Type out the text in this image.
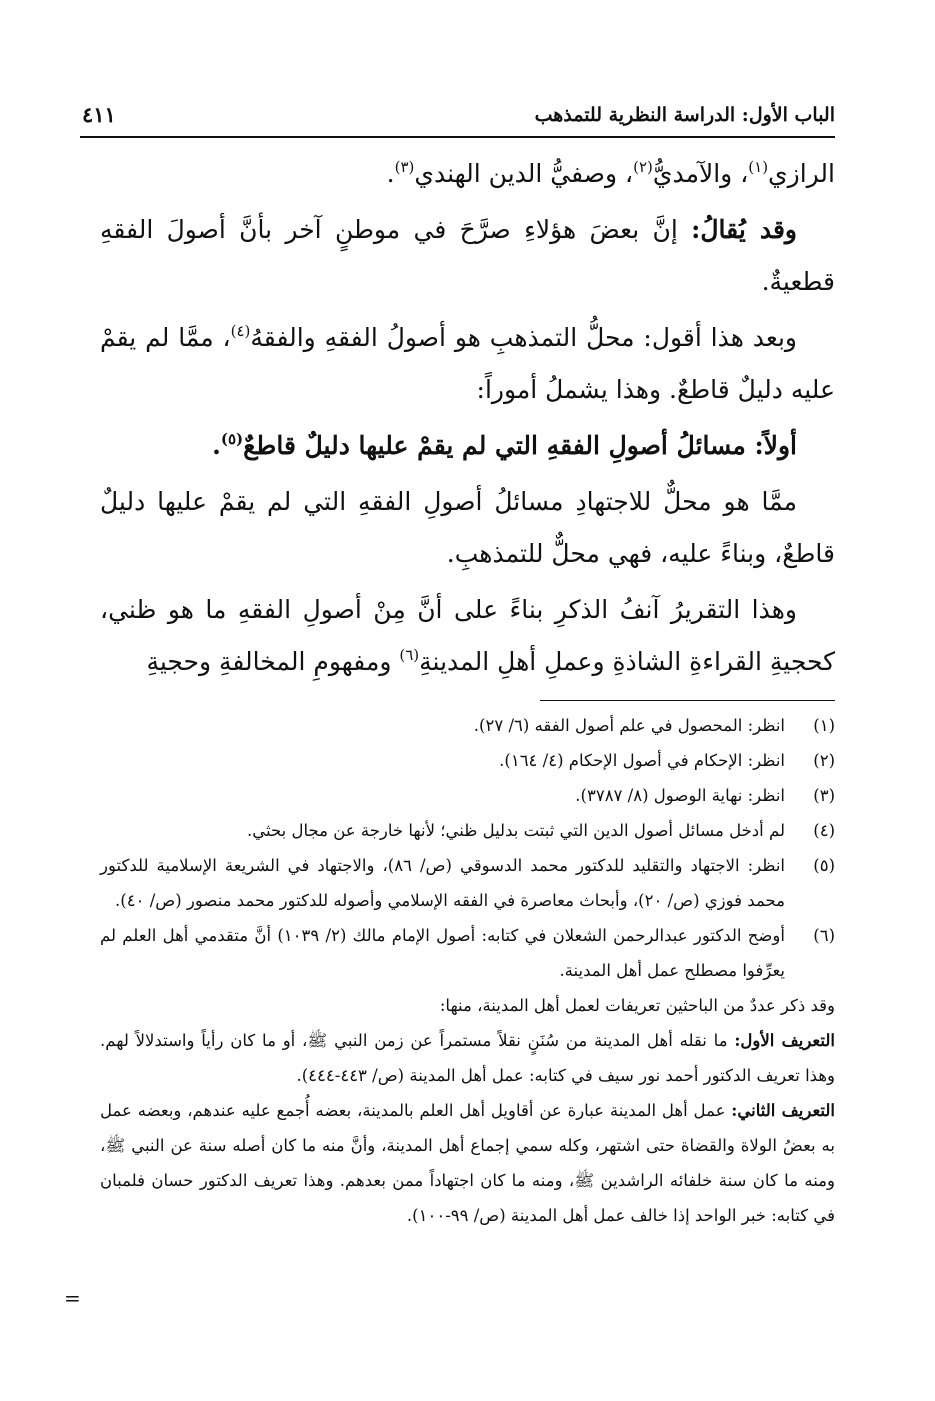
الباب الأول: الدراسة النظرية للتمذهب
٤١١

الرازي$^{(١)}$، والآمديُّ$^{(٢)}$، وصفيُّ الدين الهندي$^{(٣)}$.

وقد يُقالُ: إنَّ بعضَ هؤلاءِ صرَّحَ في موطنٍ آخر بأنَّ أصولَ الفقهِ قطعيةٌ.

وبعد هذا أقول: محلُّ التمذهبِ هو أصولُ الفقهِ والفقهُ$^{(٤)}$، ممَّا لم يقمْ عليه دليلٌ قاطعٌ. وهذا يشملُ أموراً:

أولاً: مسائلُ أصولِ الفقهِ التي لم يقمْ عليها دليلٌ قاطعٌ$^{(٥)}$.

ممَّا هو محلٌّ للاجتهادِ مسائلُ أصولِ الفقهِ التي لم يقمْ عليها دليلٌ قاطعٌ، وبناءً عليه، فهي محلٌّ للتمذهبِ.

وهذا التقريرُ آنفُ الذكرِ بناءً على أنَّ مِنْ أصولِ الفقهِ ما هو ظني، كحجيةِ القراءةِ الشاذةِ وعملِ أهلِ المدينةِ$^{(٦)}$ ومفهومِ المخالفةِ وحجيةِ

(١)
انظر: المحصول في علم أصول الفقه (٦/ ٢٧).
(٢)
انظر: الإحكام في أصول الإحكام (٤/ ١٦٤).
(٣)
انظر: نهاية الوصول (٨/ ٣٧٨٧).
(٤)
لم أدخل مسائل أصول الدين التي ثبتت بدليل ظني؛ لأنها خارجة عن مجال بحثي.
(٥)
انظر: الاجتهاد والتقليد للدكتور محمد الدسوقي (ص/ ٨٦)، والاجتهاد في الشريعة الإسلامية للدكتور محمد فوزي (ص/ ٢٠)، وأبحاث معاصرة في الفقه الإسلامي وأصوله للدكتور محمد منصور (ص/ ٤٠).
(٦)
أوضح الدكتور عبدالرحمن الشعلان في كتابه: أصول الإمام مالك (٢/ ١٠٣٩) أنَّ متقدمي أهل العلم لم يعرِّفوا مصطلح عمل أهل المدينة.
وقد ذكر عددٌ من الباحثين تعريفات لعمل أهل المدينة، منها:
التعريف الأول: ما نقله أهل المدينة من سُنَنٍ نقلاً مستمراً عن زمن النبي ﷺ، أو ما كان رأياً واستدلالاً لهم. وهذا تعريف الدكتور أحمد نور سيف في كتابه: عمل أهل المدينة (ص/ ٤٤٣-٤٤٤).
التعريف الثاني: عمل أهل المدينة عبارة عن أقاويل أهل العلم بالمدينة، بعضه أُجمع عليه عندهم، وبعضه عمل به بعضُ الولاة والقضاة حتى اشتهر، وكله سمي إجماع أهل المدينة، وأنَّ منه ما كان أصله سنة عن النبي ﷺ، ومنه ما كان سنة خلفائه الراشدين ﷺ، ومنه ما كان اجتهاداً ممن بعدهم. وهذا تعريف الدكتور حسان فلمبان في كتابه: خبر الواحد إذا خالف عمل أهل المدينة (ص/ ٩٩-١٠٠).
=
